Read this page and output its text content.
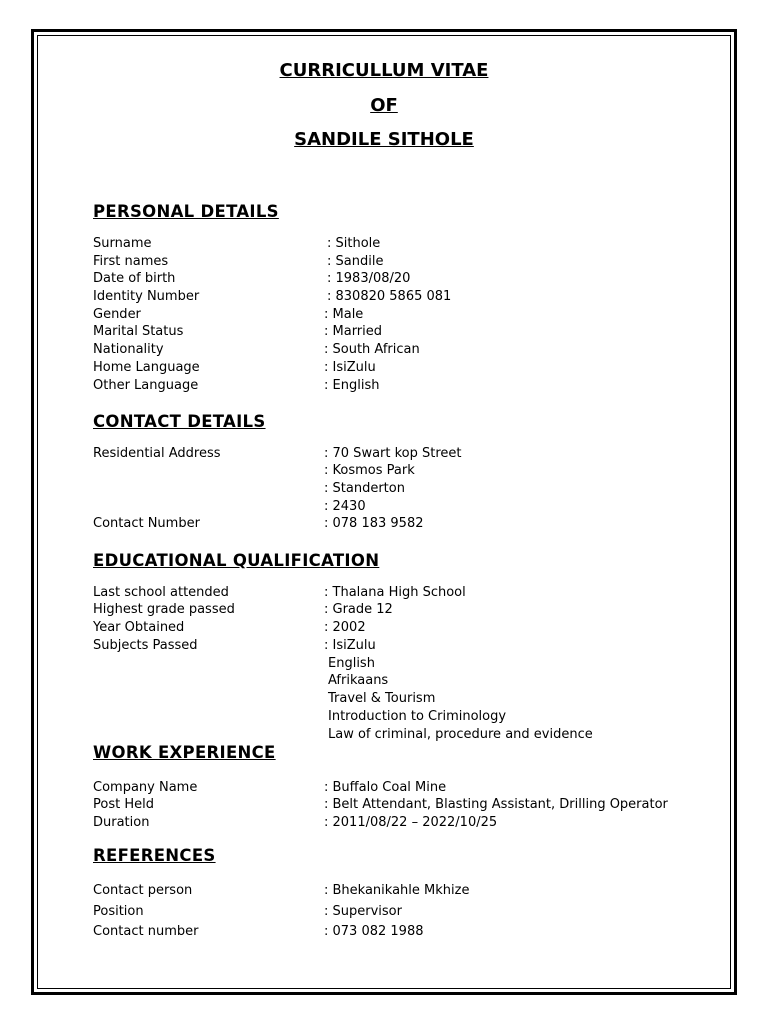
CURRICULLUM VITAE
OF
SANDILE SITHOLE
PERSONAL DETAILS
Surname	: Sithole
First names	: Sandile
Date of birth	: 1983/08/20
Identity Number	: 830820 5865 081
Gender	: Male
Marital Status	: Married
Nationality	: South African
Home Language	: IsiZulu
Other Language	: English
CONTACT DETAILS
Residential Address	: 70 Swart kop Street
: Kosmos Park
: Standerton
: 2430
Contact Number	: 078 183 9582
EDUCATIONAL QUALIFICATION
Last school attended	: Thalana High School
Highest grade passed	: Grade 12
Year Obtained	: 2002
Subjects Passed	: IsiZulu
English
Afrikaans
Travel & Tourism
Introduction to Criminology
Law of criminal, procedure and evidence
WORK EXPERIENCE
Company Name	: Buffalo Coal Mine
Post Held	: Belt Attendant, Blasting Assistant, Drilling Operator
Duration	: 2011/08/22 – 2022/10/25
REFERENCES
Contact person	: Bhekanikahle Mkhize
Position	: Supervisor
Contact number	: 073 082 1988
